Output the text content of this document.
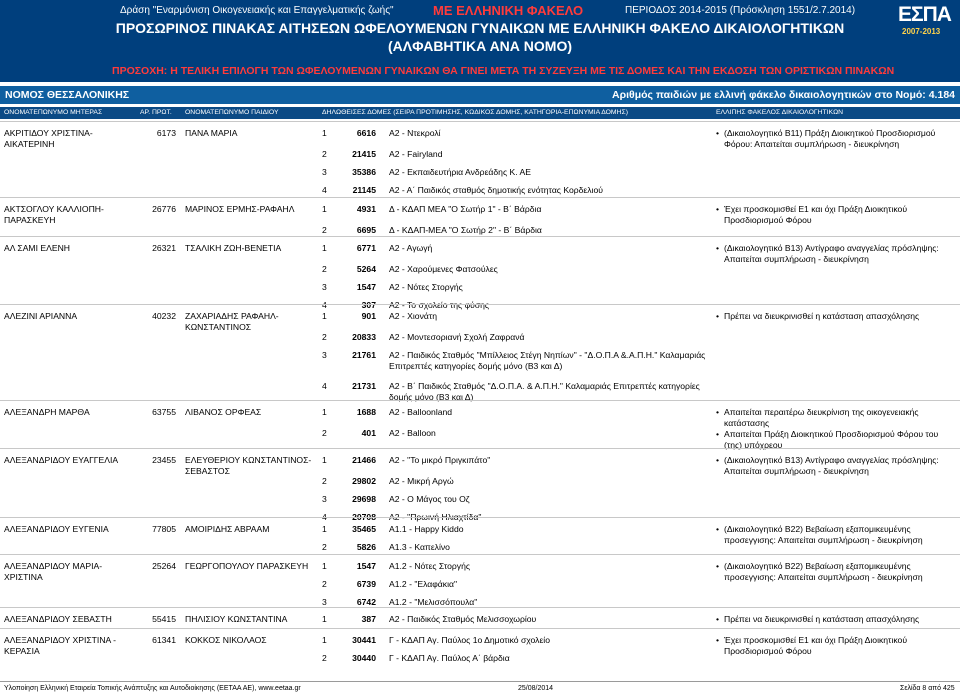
Δράση "Εναρμόνιση Οικογενειακής και Επαγγελματικής ζωής"	ΜΕ ΕΛΛΗΝΙΚΗ ΦΑΚΕΛΟ	ΠΕΡΙΟΔΟΣ 2014-2015 (Πρόσκληση 1551/2.7.2014)
ΠΡΟΣΩΡΙΝΟΣ ΠΙΝΑΚΑΣ ΑΙΤΗΣΕΩΝ ΩΦΕΛΟΥΜΕΝΩΝ ΓΥΝΑΙΚΩΝ ΜΕ ΕΛΛΗΝΙΚΗ ΦΑΚΕΛΟ ΔΙΚΑΙΟΛΟΓΗΤΙΚΩΝ
(ΑΛΦΑΒΗΤΙΚΑ ΑΝΑ ΝΟΜΟ)
ΠΡΟΣΟΧΗ: Η ΤΕΛΙΚΗ ΕΠΙΛΟΓΗ ΤΩΝ ΩΦΕΛΟΥΜΕΝΩΝ ΓΥΝΑΙΚΩΝ ΘΑ ΓΙΝΕΙ ΜΕΤΑ ΤΗ ΣΥΖΕΥΞΗ ΜΕ ΤΙΣ ΔΟΜΕΣ ΚΑΙ ΤΗΝ ΕΚΔΟΣΗ ΤΩΝ ΟΡΙΣΤΙΚΩΝ ΠΙΝΑΚΩΝ
ΕΣΠΑ
2007-2013
ΝΟΜΟΣ ΘΕΣΣΑΛΟΝΙΚΗΣ	Αριθμός παιδιών με ελλινή φάκελο δικαιολογητικών στο Νομό: 4.184
ΟΝΟΜΑΤΕΠΩΝΥΜΟ ΜΗΤΕΡΑΣ	ΑΡ. ΠΡΩΤ. ΟΝΟΜΑΤΕΠΩΝΥΜΟ ΠΑΙΔΙΟΥ	ΔΗΛΩΘΕΙΣΕΣ ΔΟΜΕΣ (ΣΕΙΡΑ ΠΡΟΤΙΜΗΣΗΣ, ΚΩΔΙΚΟΣ ΔΟΜΗΣ, ΚΑΤΗΓΟΡΙΑ-ΕΠΩΝΥΜΙΑ ΔΟΜΗΣ)	ΕΛΛΙΠΗΣ ΦΑΚΕΛΟΣ ΔΙΚΑΙΟΛΟΓΗΤΙΚΩΝ
ΑΚΡΙΤΙΔΟΥ ΧΡΙΣΤΙΝΑ-ΑΙΚΑΤΕΡΙΝΗ
6173 ΠΑΝΑ ΜΑΡΙΑ	1	6616 Α2 - Ντεκρολί
2	21415 Α2 - Fairyland
3	35386 Α2 - Εκπαιδευτήρια Ανδρεάδης Κ. ΑΕ
4	21145 Α2 - Α΄ Παιδικός σταθμός δημοτικής ενότητας Κορδελιού
• (Δικαιολογητικό Β11) Πράξη Διοικητικού Προσδιορισμού Φόρου: Απαιτείται συμπλήρωση - διευκρίνηση
ΑΚΤΣΟΓΛΟΥ ΚΑΛΛΙΟΠΗ-ΠΑΡΑΣΚΕΥΗ
26776 ΜΑΡΙΝΟΣ ΕΡΜΗΣ-ΡΑΦΑΗΛ	1	4931 Δ - ΚΔΑΠ ΜΕΑ "Ο Σωτήρ 1" - Β΄ Βάρδια
2	6695 Δ - ΚΔΑΠ-ΜΕΑ "Ο Σωτήρ 2" - Β΄ Βάρδια
• Έχει προσκομισθεί Ε1 και όχι Πράξη Διοικητικού Προσδιορισμού Φόρου
ΑΛ ΣΑΜΙ ΕΛΕΝΗ	26321 ΤΣΑΛΙΚΗ ΖΩΗ-ΒΕΝΕΤΙΑ	1	6771 Α2 - Αγωγή
2	5264 Α2 - Χαρούμενες Φατσούλες
3	1547 Α2 - Νότες Στοργής
4	307 Α2 - Το σχολείο της φύσης
• (Δικαιολογητικό Β13) Αντίγραφο αναγγελίας πρόσληψης: Απαιτείται συμπλήρωση - διευκρίνηση
ΑΛΕΖΙΝΙ ΑΡΙΑΝΝΑ	40232 ΖΑΧΑΡΙΑΔΗΣ ΡΑΦΑΗΛ-ΚΩΝΣΤΑΝΤΙΝΟΣ
1	901 Α2 - Χιονάτη
2	20833 Α2 - Μοντεσοριανή Σχολή Ζαφρανά
3	21761 Α2 - Παιδικός Σταθμός "Μπίλλειος Στέγη Νηπίων" - "Δ.Ο.Π.Α &.Α.Π.Η." Καλαμαριάς Επιτρεπτές κατηγορίες δομής μόνο (Β3 και Δ)
4	21731 Α2 - Β΄ Παιδικός Σταθμός "Δ.Ο.Π.Α. & Α.Π.Η." Καλαμαριάς Επιτρεπτές κατηγορίες δομής μόνο (Β3 και Δ)
• Πρέπει να διευκρινισθεί η κατάσταση απασχόλησης
ΑΛΕΞΑΝΔΡΗ ΜΑΡΘΑ	63755 ΛΙΒΑΝΟΣ ΟΡΦΕΑΣ	1	1688 Α2 - Balloonland
2	401 Α2 - Balloon
• Απαιτείται περαιτέρω διευκρίνιση της οικογενειακής κατάστασης
• Απαιτείται Πράξη Διοικητικού Προσδιορισμού Φόρου του (της) υπόχρεου
ΑΛΕΞΑΝΔΡΙΔΟΥ ΕΥΑΓΓΕΛΙΑ	23455 ΕΛΕΥΘΕΡΙΟΥ ΚΩΝΣΤΑΝΤΙΝΟΣ-ΣΕΒΑΣΤΟΣ
1	21466 Α2 - "Το μικρό Πριγκιπάτο"
2	29802 Α2 - Μικρή Αργώ
3	29698 Α2 - Ο Μάγος του Οζ
4	20708 Α2 - "Πρωινή Ηλιαχτίδα"
• (Δικαιολογητικό Β13) Αντίγραφο αναγγελίας πρόσληψης: Απαιτείται συμπλήρωση - διευκρίνηση
ΑΛΕΞΑΝΔΡΙΔΟΥ ΕΥΓΕΝΙΑ	77805 ΑΜΟΙΡΙΔΗΣ ΑΒΡΑΑΜ	1	35465 Α1.1 - Happy Kiddo
2	5826 Α1.3 - Καπελίνο
• (Δικαιολογητικό Β22) Βεβαίωση εξαπομικευμένης προσεγγισης: Απαιτείται συμπλήρωση - διευκρίνηση
ΑΛΕΞΑΝΔΡΙΔΟΥ ΜΑΡΙΑ-ΧΡΙΣΤΙΝΑ
25264 ΓΕΩΡΓΟΠΟΥΛΟΥ ΠΑΡΑΣΚΕΥΗ	1	1547 Α1.2 - Νότες Στοργής
2	6739 Α1.2 - "Ελαφάκια"
3	6742 Α1.2 - "Μελισσόπουλα"
• (Δικαιολογητικό Β22) Βεβαίωση εξαπομικευμένης προσεγγισης: Απαιτείται συμπλήρωση - διευκρίνηση
ΑΛΕΞΑΝΔΡΙΔΟΥ ΣΕΒΑΣΤΗ	55415 ΠΗΛΙΣΙΟΥ ΚΩΝΣΤΑΝΤΙΝΑ	1	387 Α2 - Παιδικός Σταθμός Μελισσοχωρίου
•	Πρέπει να διευκρινισθεί η κατάσταση απασχόλησης
ΑΛΕΞΑΝΔΡΙΔΟΥ ΧΡΙΣΤΙΝΑ - ΚΕΡΑΣΙΑ
61341 ΚΟΚΚΟΣ ΝΙΚΟΛΑΟΣ	1	30441 Γ - ΚΔΑΠ Αγ. Παύλος 1ο Δημοτικό σχολείο
2	30440 Γ - ΚΔΑΠ Αγ. Παύλος Α΄ βάρδια
• Έχει προσκομισθεί Ε1 και όχι Πράξη Διοικητικού Προσδιορισμού Φόρου
Υλοποίηση Ελληνική Εταιρεία Τοπικής Ανάπτυξης και Αυτοδιοίκησης (ΕΕΤΑΑ ΑΕ), www.eetaa.gr	25/08/2014	Σελίδα 8 από 425
